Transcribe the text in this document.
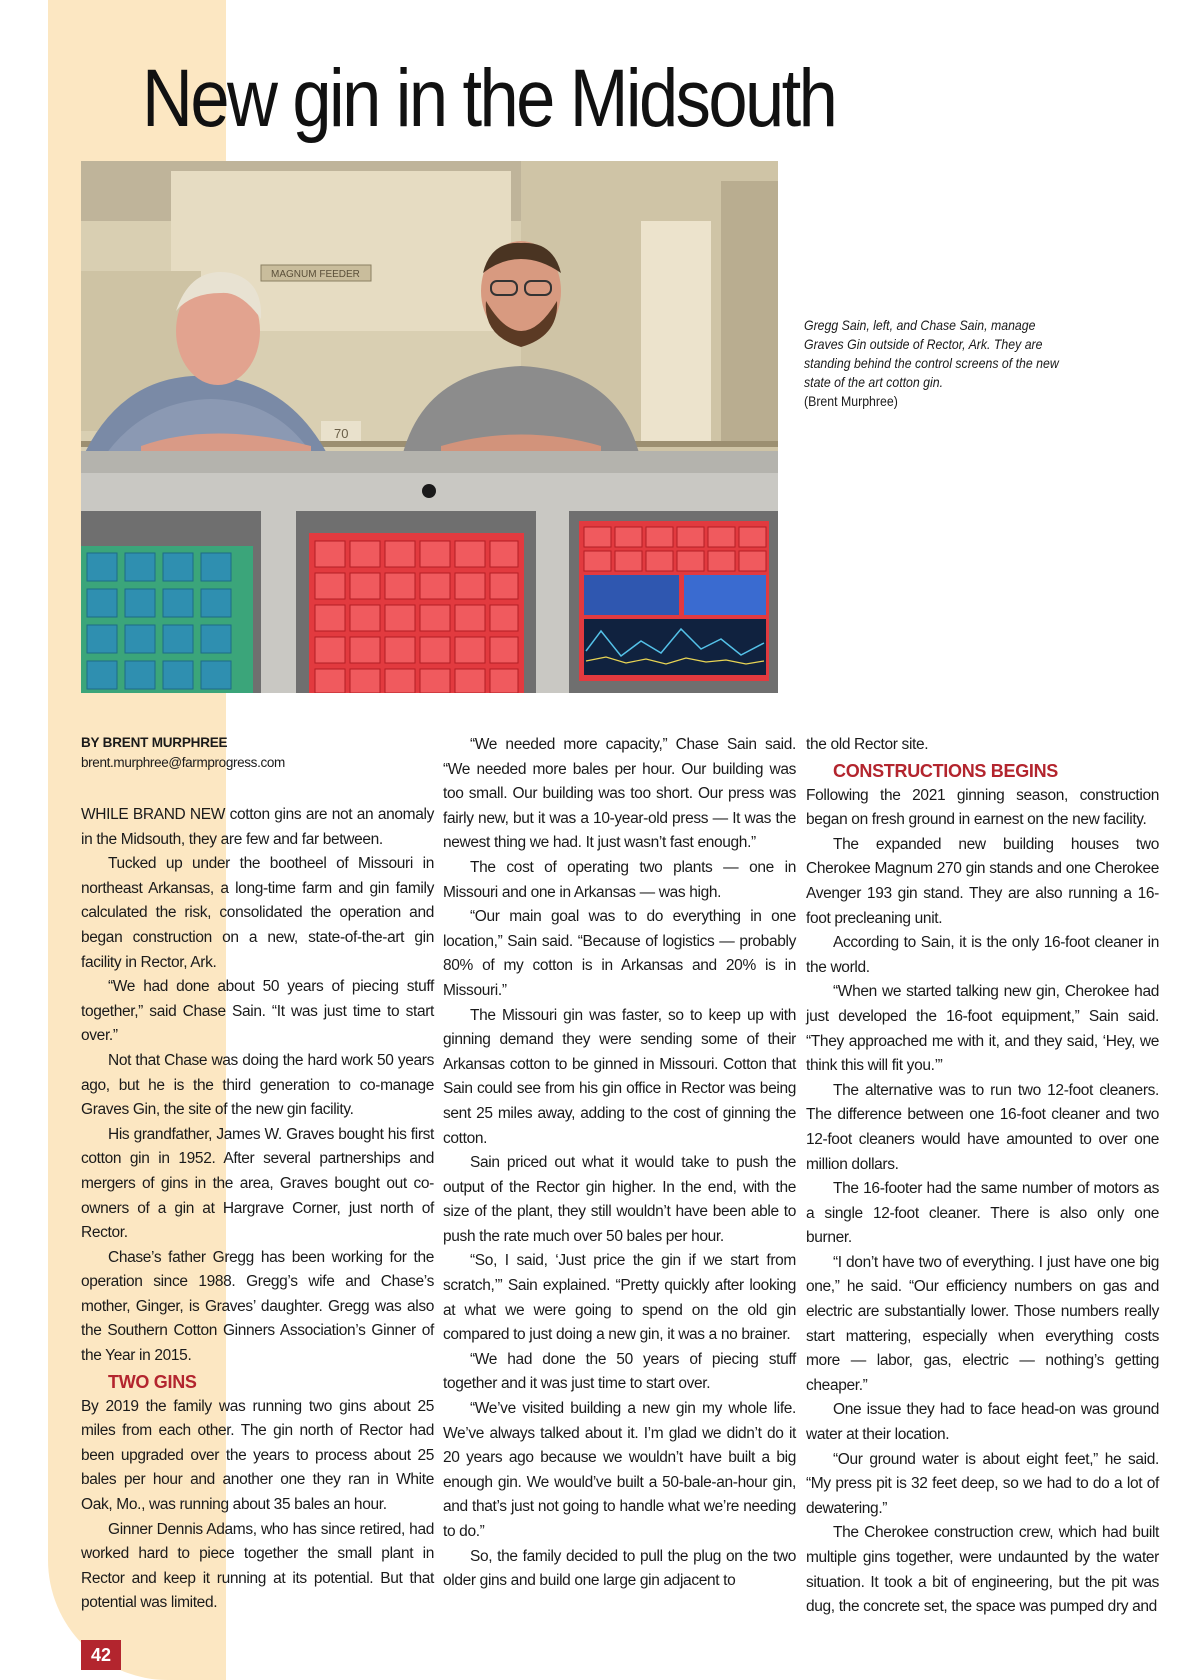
New gin in the Midsouth
MAGNUM FEEDER
70
Gregg Sain, left, and Chase Sain, manage Graves Gin outside of Rector, Ark. They are standing behind the control screens of the new state of the art cotton gin.
(Brent Murphree)
BY BRENT MURPHREE
brent.murphree@farmprogress.com

WHILE BRAND NEW cotton gins are not an anomaly in the Midsouth, they are few and far between.

Tucked up under the bootheel of Missouri in northeast Arkansas, a long-time farm and gin family calculated the risk, consolidated the operation and began construction on a new, state-of-the-art gin facility in Rector, Ark.

“We had done about 50 years of piecing stuff together,” said Chase Sain. “It was just time to start over.”

Not that Chase was doing the hard work 50 years ago, but he is the third generation to co-manage Graves Gin, the site of the new gin facility.

His grandfather, James W. Graves bought his first cotton gin in 1952. After several partnerships and mergers of gins in the area, Graves bought out co-owners of a gin at Hargrave Corner, just north of Rector.

Chase’s father Gregg has been working for the operation since 1988. Gregg’s wife and Chase’s mother, Ginger, is Graves’ daughter. Gregg was also the Southern Cotton Ginners Association’s Ginner of the Year in 2015.

TWO GINS

By 2019 the family was running two gins about 25 miles from each other. The gin north of Rector had been upgraded over the years to process about 25 bales per hour and another one they ran in White Oak, Mo., was running about 35 bales an hour.

Ginner Dennis Adams, who has since retired, had worked hard to piece together the small plant in Rector and keep it running at its potential. But that potential was limited.

“We needed more capacity,” Chase Sain said. “We needed more bales per hour. Our building was too small. Our building was too short. Our press was fairly new, but it was a 10-year-old press — It was the newest thing we had. It just wasn’t fast enough.”

The cost of operating two plants — one in Missouri and one in Arkansas — was high.

“Our main goal was to do everything in one location,” Sain said. “Because of logistics — probably 80% of my cotton is in Arkansas and 20% is in Missouri.”

The Missouri gin was faster, so to keep up with ginning demand they were sending some of their Arkansas cotton to be ginned in Missouri. Cotton that Sain could see from his gin office in Rector was being sent 25 miles away, adding to the cost of ginning the cotton.

Sain priced out what it would take to push the output of the Rector gin higher. In the end, with the size of the plant, they still wouldn’t have been able to push the rate much over 50 bales per hour.

“So, I said, ‘Just price the gin if we start from scratch,’” Sain explained. “Pretty quickly after looking at what we were going to spend on the old gin compared to just doing a new gin, it was a no brainer.

“We had done the 50 years of piecing stuff together and it was just time to start over.

“We’ve visited building a new gin my whole life. We’ve always talked about it. I’m glad we didn’t do it 20 years ago because we wouldn’t have built a big enough gin. We would’ve built a 50-bale-an-hour gin, and that’s just not going to handle what we’re needing to do.”

So, the family decided to pull the plug on the two older gins and build one large gin adjacent to

the old Rector site.

CONSTRUCTIONS BEGINS

Following the 2021 ginning season, construction began on fresh ground in earnest on the new facility.

The expanded new building houses two Cherokee Magnum 270 gin stands and one Cherokee Avenger 193 gin stand. They are also running a 16-foot precleaning unit.

According to Sain, it is the only 16-foot cleaner in the world.

“When we started talking new gin, Cherokee had just developed the 16-foot equipment,” Sain said. “They approached me with it, and they said, ‘Hey, we think this will fit you.’”

The alternative was to run two 12-foot cleaners. The difference between one 16-foot cleaner and two 12-foot cleaners would have amounted to over one million dollars.

The 16-footer had the same number of motors as a single 12-foot cleaner. There is also only one burner.

“I don’t have two of everything. I just have one big one,” he said. “Our efficiency numbers on gas and electric are substantially lower. Those numbers really start mattering, especially when everything costs more — labor, gas, electric — nothing’s getting cheaper.”

One issue they had to face head-on was ground water at their location.

“Our ground water is about eight feet,” he said. “My press pit is 32 feet deep, so we had to do a lot of dewatering.”

The Cherokee construction crew, which had built multiple gins together, were undaunted by the water situation. It took a bit of engineering, but the pit was dug, the concrete set, the space was pumped dry and

42
